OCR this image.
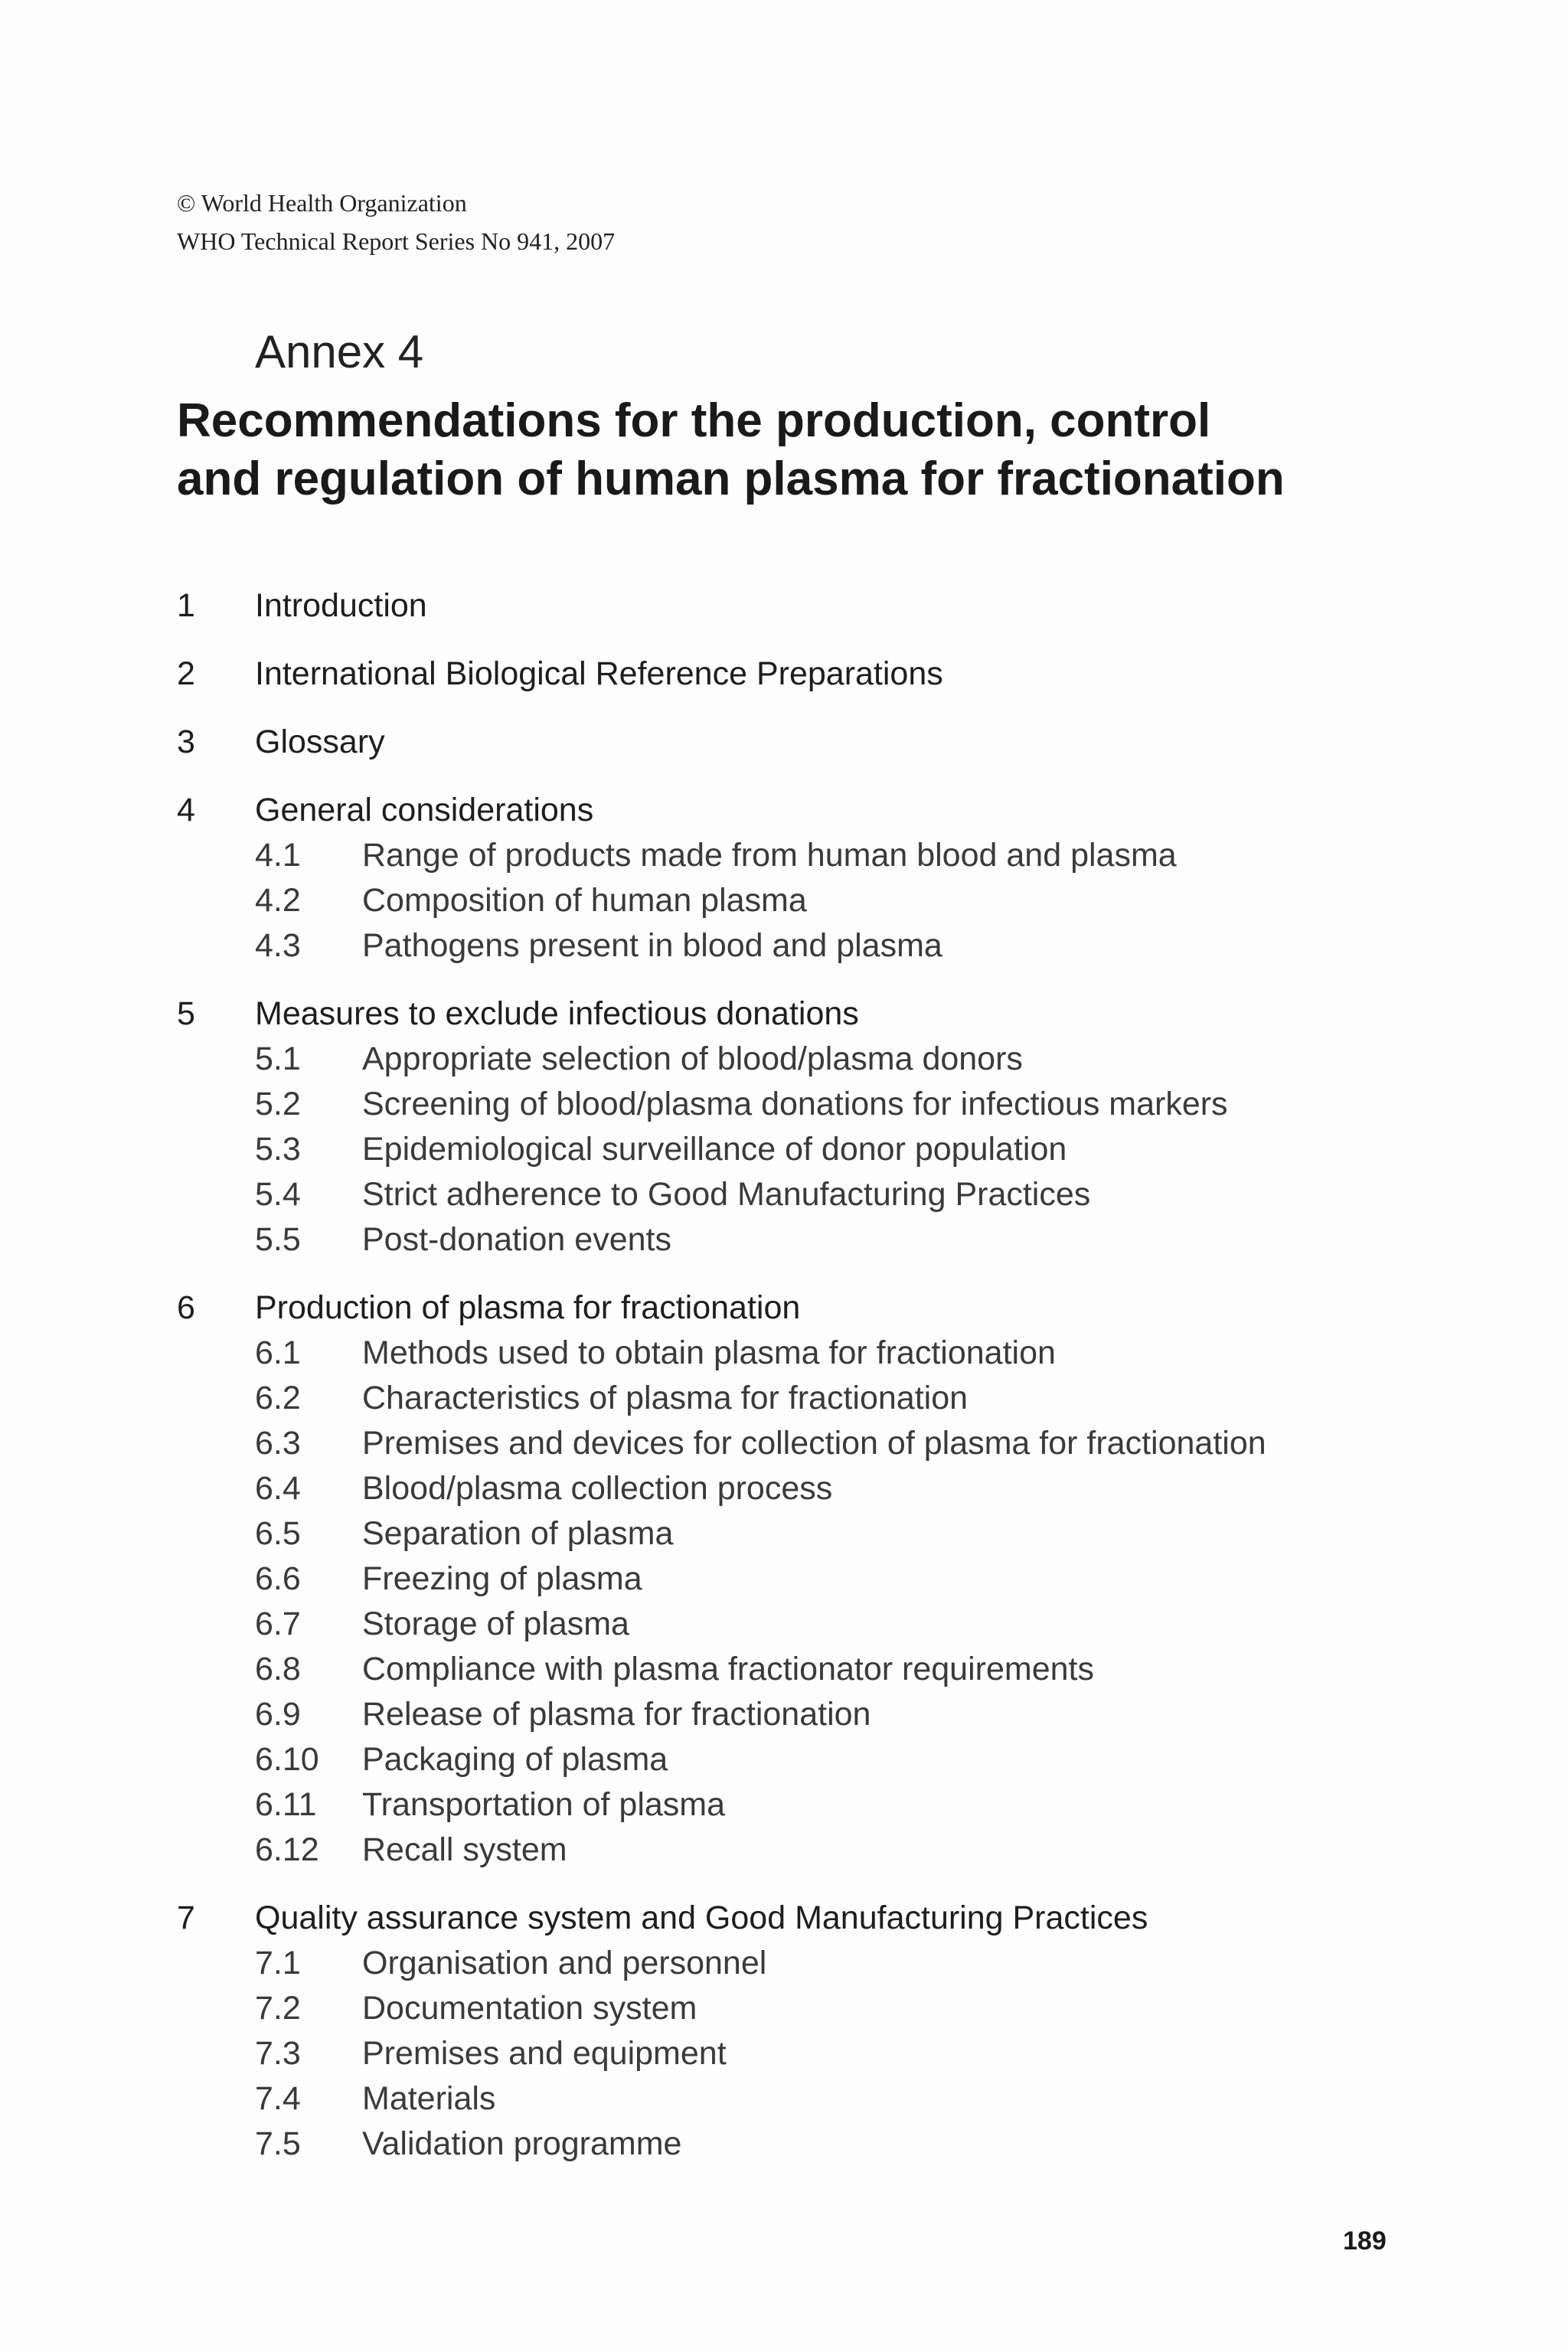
© World Health Organization
WHO Technical Report Series No 941, 2007
Annex 4
Recommendations for the production, control
and regulation of human plasma for fractionation
1 Introduction
2 International Biological Reference Preparations
3 Glossary
4 General considerations
4.1 Range of products made from human blood and plasma
4.2 Composition of human plasma
4.3 Pathogens present in blood and plasma
5 Measures to exclude infectious donations
5.1 Appropriate selection of blood/plasma donors
5.2 Screening of blood/plasma donations for infectious markers
5.3 Epidemiological surveillance of donor population
5.4 Strict adherence to Good Manufacturing Practices
5.5 Post-donation events
6 Production of plasma for fractionation
6.1 Methods used to obtain plasma for fractionation
6.2 Characteristics of plasma for fractionation
6.3 Premises and devices for collection of plasma for fractionation
6.4 Blood/plasma collection process
6.5 Separation of plasma
6.6 Freezing of plasma
6.7 Storage of plasma
6.8 Compliance with plasma fractionator requirements
6.9 Release of plasma for fractionation
6.10 Packaging of plasma
6.11 Transportation of plasma
6.12 Recall system
7 Quality assurance system and Good Manufacturing Practices
7.1 Organisation and personnel
7.2 Documentation system
7.3 Premises and equipment
7.4 Materials
7.5 Validation programme
189
